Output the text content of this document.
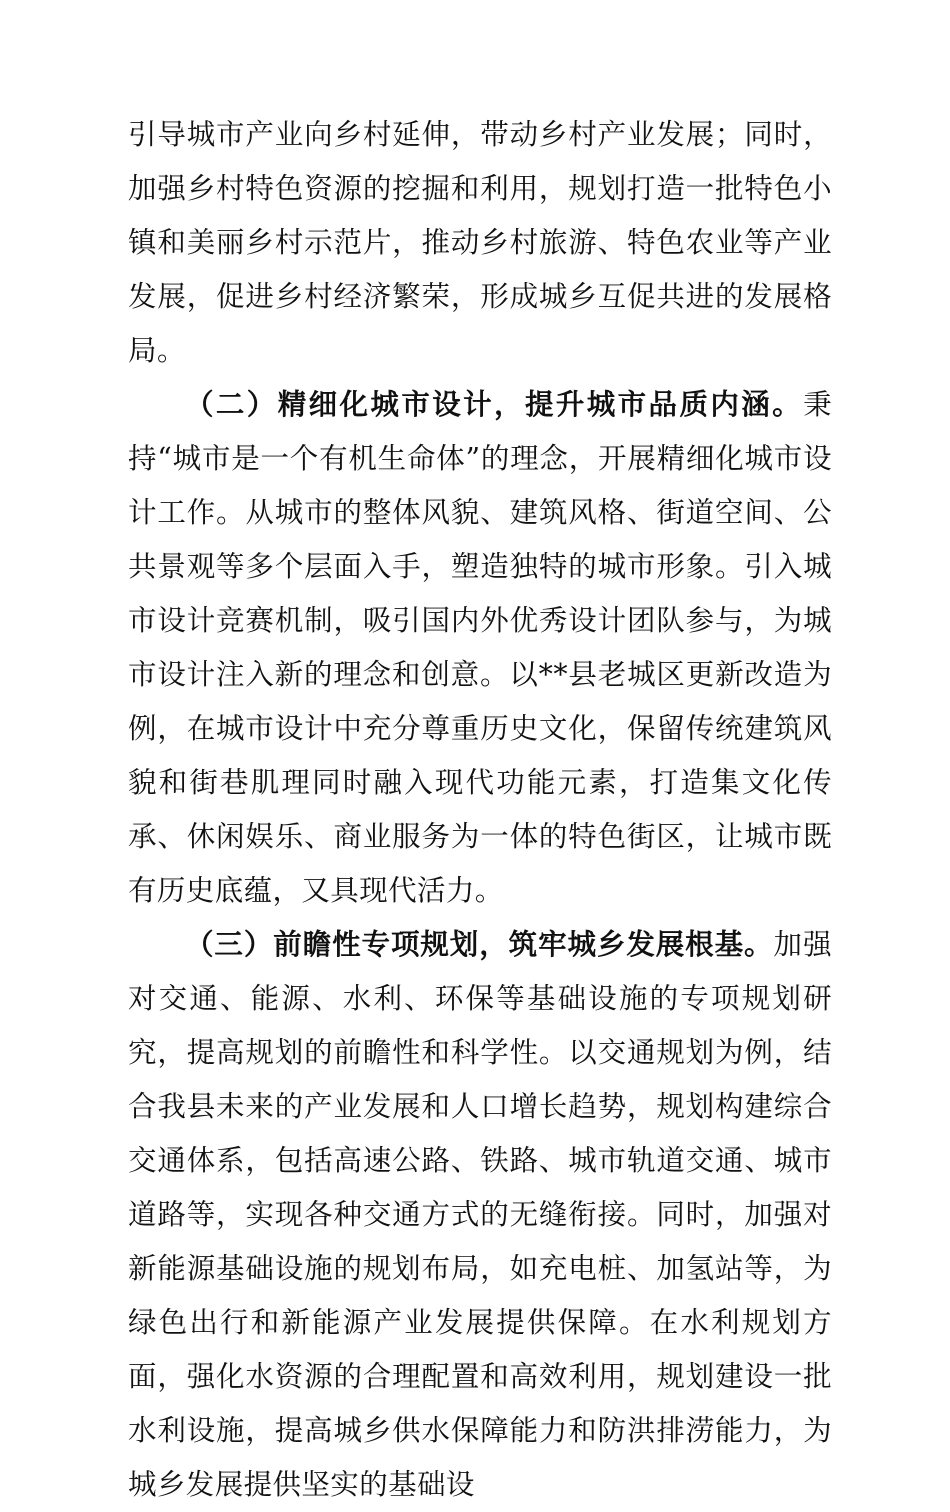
引导城市产业向乡村延伸，带动乡村产业发展；同时，加强乡村特色资源的挖掘和利用，规划打造一批特色小镇和美丽乡村示范片，推动乡村旅游、特色农业等产业发展，促进乡村经济繁荣，形成城乡互促共进的发展格局。

（二）精细化城市设计，提升城市品质内涵。秉持“城市是一个有机生命体”的理念，开展精细化城市设计工作。从城市的整体风貌、建筑风格、街道空间、公共景观等多个层面入手，塑造独特的城市形象。引入城市设计竞赛机制，吸引国内外优秀设计团队参与，为城市设计注入新的理念和创意。以**县老城区更新改造为例，在城市设计中充分尊重历史文化，保留传统建筑风貌和街巷肌理同时融入现代功能元素，打造集文化传承、休闲娱乐、商业服务为一体的特色街区，让城市既有历史底蕴，又具现代活力。

（三）前瞻性专项规划，筑牢城乡发展根基。加强对交通、能源、水利、环保等基础设施的专项规划研究，提高规划的前瞻性和科学性。以交通规划为例，结合我县未来的产业发展和人口增长趋势，规划构建综合交通体系，包括高速公路、铁路、城市轨道交通、城市道路等，实现各种交通方式的无缝衔接。同时，加强对新能源基础设施的规划布局，如充电桩、加氢站等，为绿色出行和新能源产业发展提供保障。在水利规划方面，强化水资源的合理配置和高效利用，规划建设一批水利设施，提高城乡供水保障能力和防洪排涝能力，为城乡发展提供坚实的基础设
